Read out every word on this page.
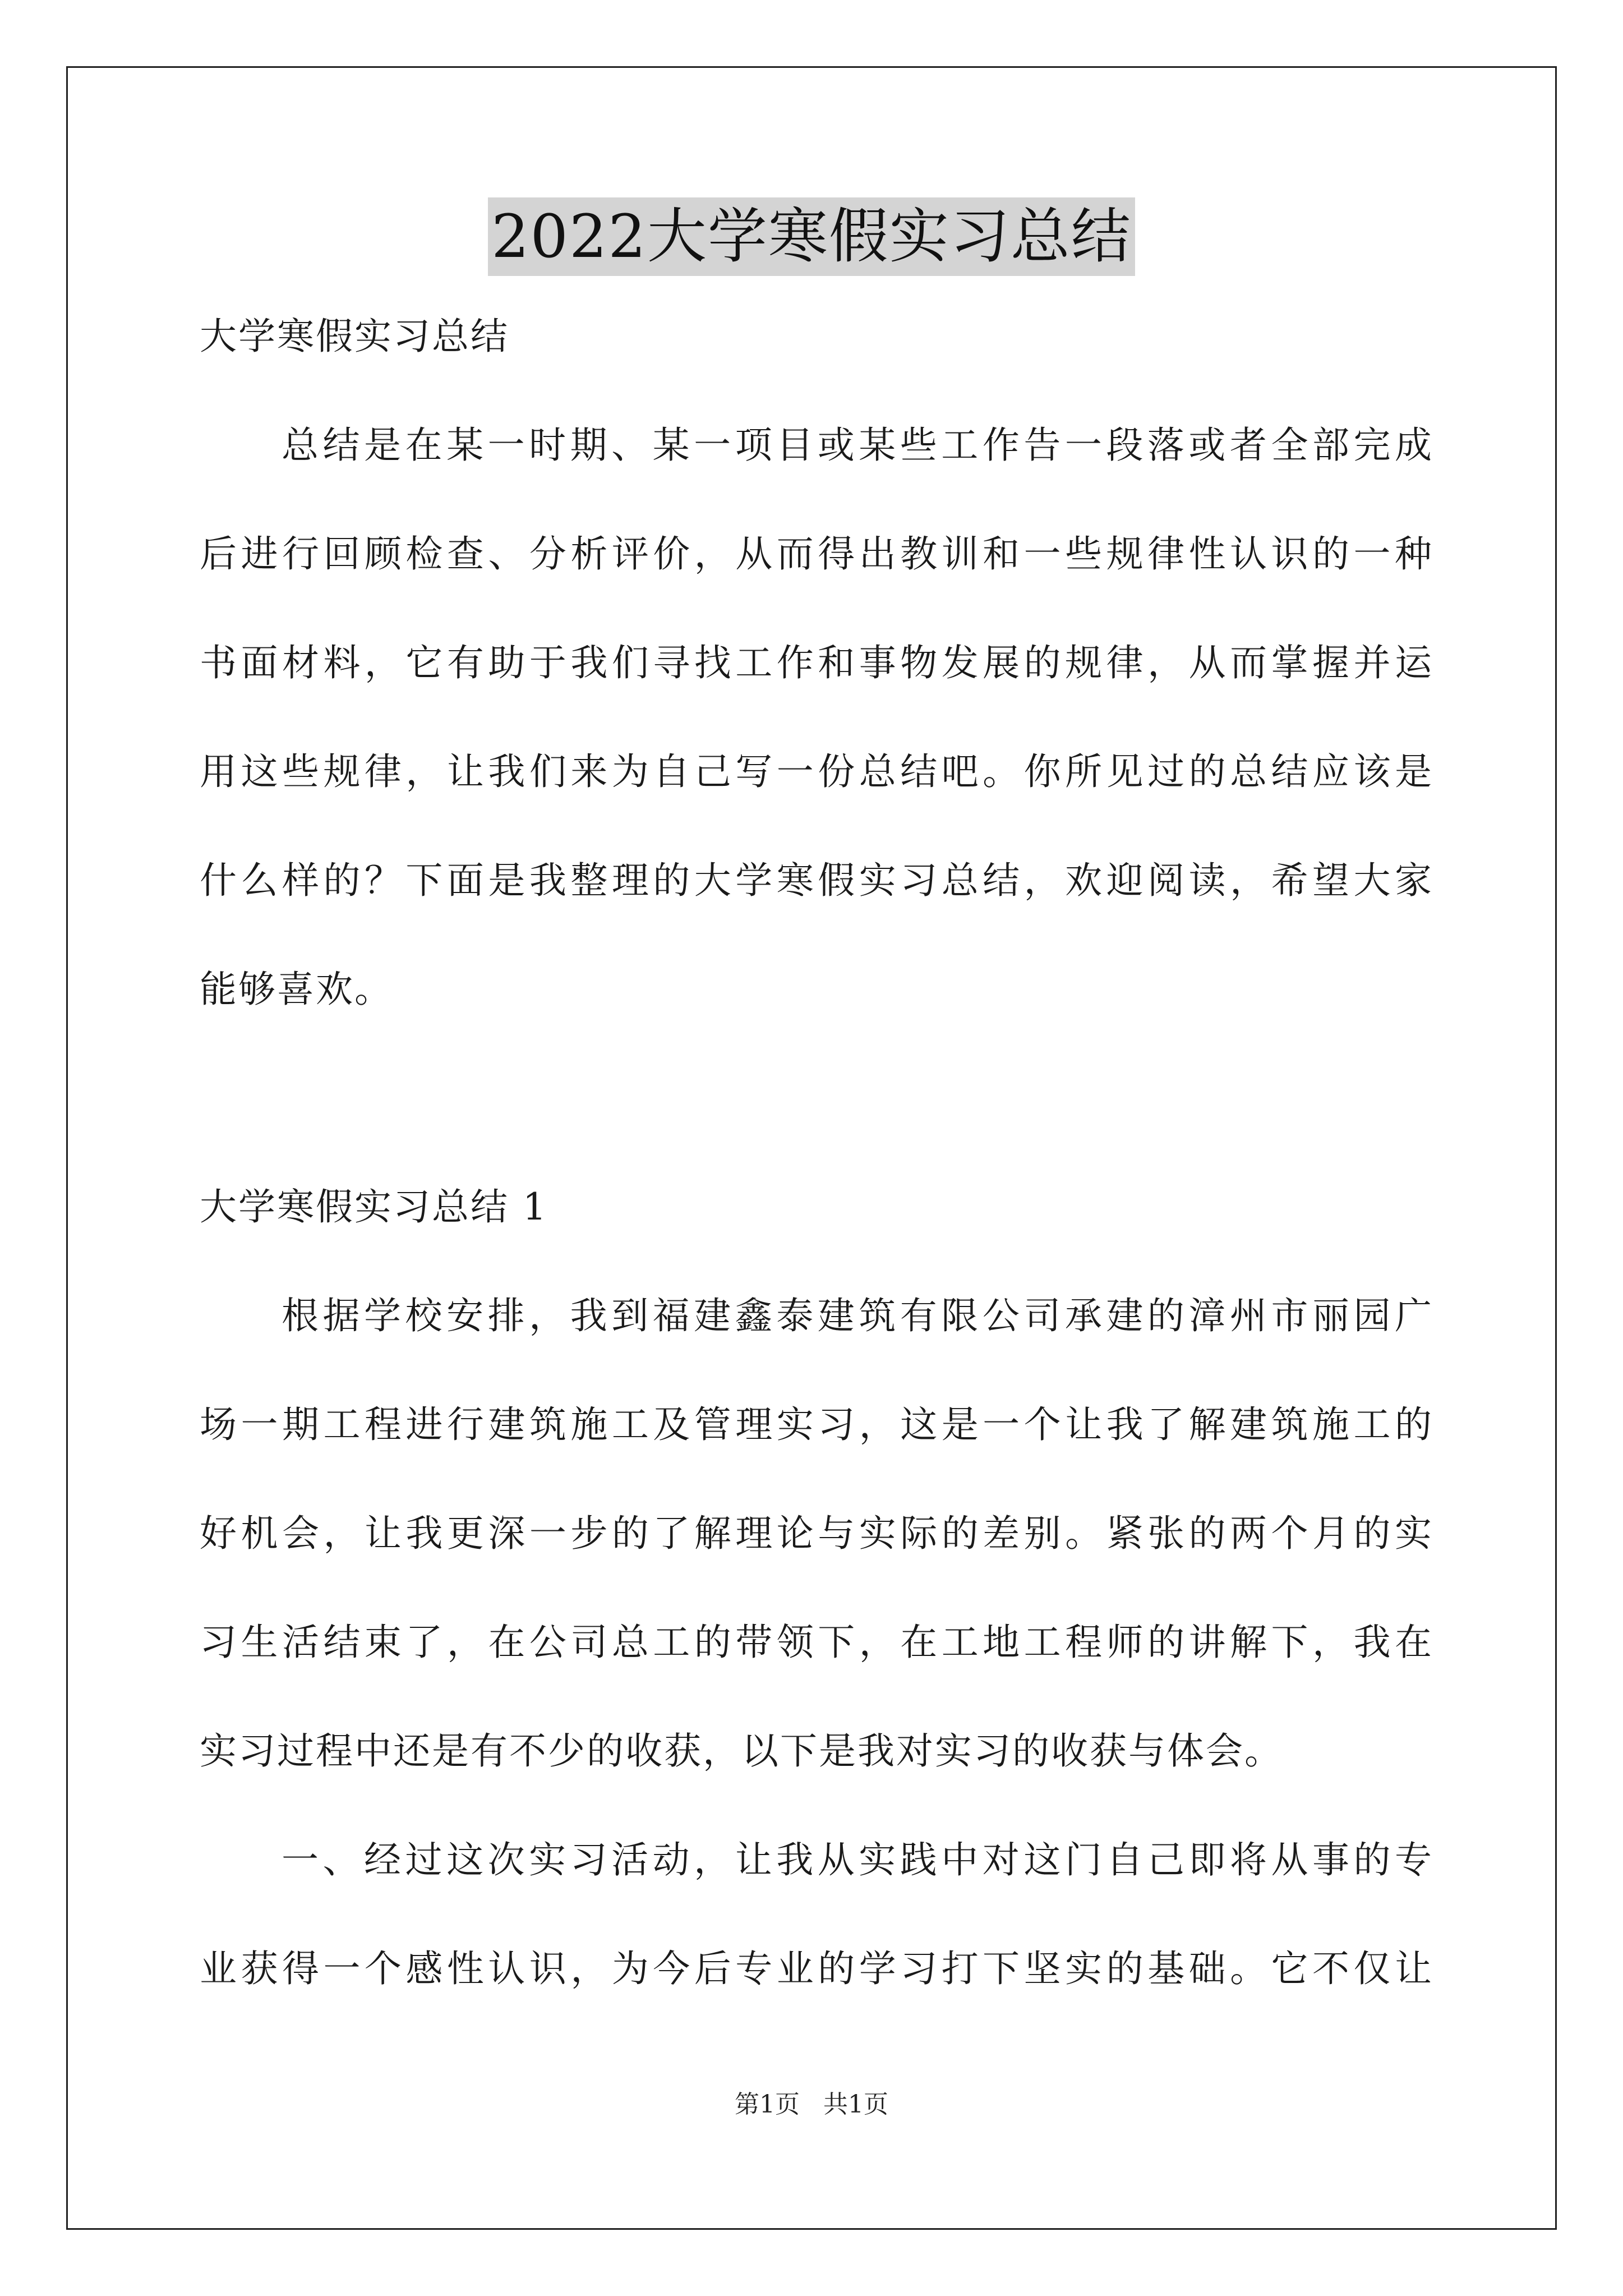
2022大学寒假实习总结
大学寒假实习总结
总结是在某一时期、某一项目或某些工作告一段落或者全部完成
后进行回顾检查、分析评价，从而得出教训和一些规律性认识的一种
书面材料，它有助于我们寻找工作和事物发展的规律，从而掌握并运
用这些规律，让我们来为自己写一份总结吧。你所见过的总结应该是
什么样的？下面是我整理的大学寒假实习总结，欢迎阅读，希望大家
能够喜欢。
大学寒假实习总结 1
根据学校安排，我到福建鑫泰建筑有限公司承建的漳州市丽园广
场一期工程进行建筑施工及管理实习，这是一个让我了解建筑施工的
好机会，让我更深一步的了解理论与实际的差别。紧张的两个月的实
习生活结束了，在公司总工的带领下，在工地工程师的讲解下，我在
实习过程中还是有不少的收获，以下是我对实习的收获与体会。
一、经过这次实习活动，让我从实践中对这门自己即将从事的专
业获得一个感性认识，为今后专业的学习打下坚实的基础。它不仅让
第1页 共1页
